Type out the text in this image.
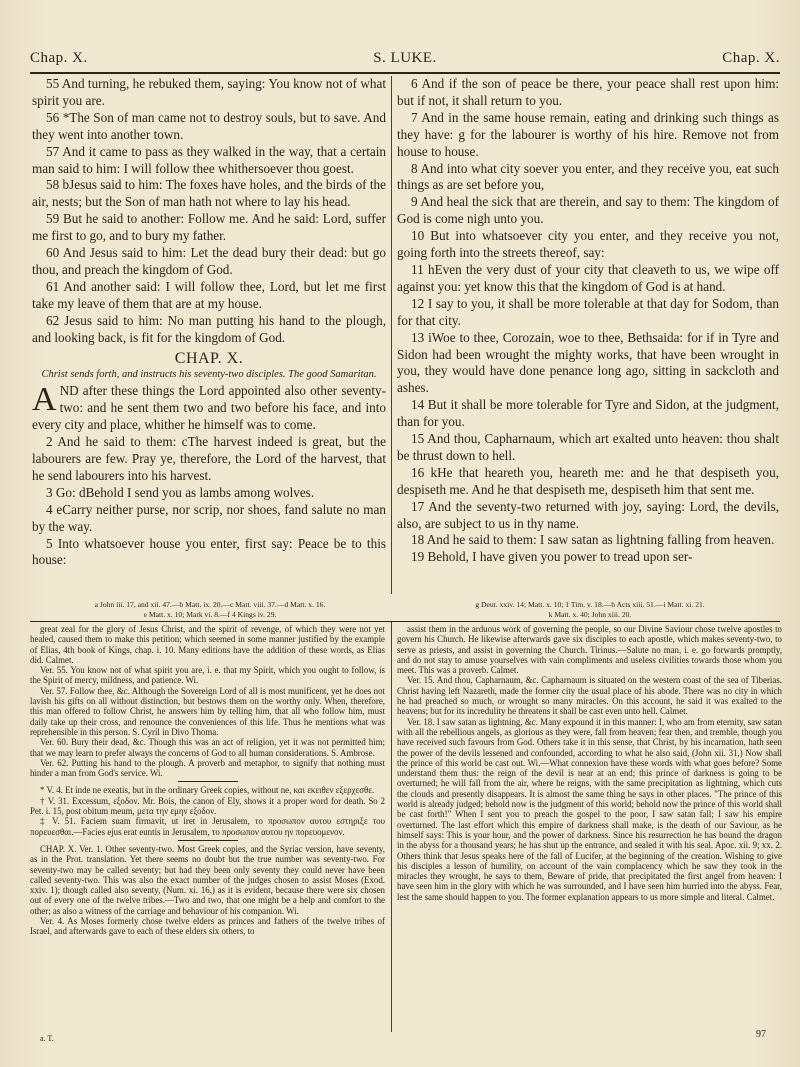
Chap. X.	S. LUKE.	Chap. X.

55 And turning, he rebuked them, saying: You know not of what spirit you are.

56 *The Son of man came not to destroy souls, but to save. And they went into another town.

57 And it came to pass as they walked in the way, that a certain man said to him: I will follow thee whithersoever thou goest.

58 bJesus said to him: The foxes have holes, and the birds of the air, nests; but the Son of man hath not where to lay his head.

59 But he said to another: Follow me. And he said: Lord, suffer me first to go, and to bury my father.

60 And Jesus said to him: Let the dead bury their dead: but go thou, and preach the kingdom of God.

61 And another said: I will follow thee, Lord, but let me first take my leave of them that are at my house.

62 Jesus said to him: No man putting his hand to the plough, and looking back, is fit for the kingdom of God.

CHAP. X.
Christ sends forth, and instructs his seventy-two disciples. The good Samaritan.

AND after these things the Lord appointed also other seventy-two: and he sent them two and two before his face, and into every city and place, whither he himself was to come.

2 And he said to them: cThe harvest indeed is great, but the labourers are few. Pray ye, therefore, the Lord of the harvest, that he send labourers into his harvest.

3 Go: dBehold I send you as lambs among wolves.

4 eCarry neither purse, nor scrip, nor shoes, fand salute no man by the way.

5 Into whatsoever house you enter, first say: Peace be to this house:

6 And if the son of peace be there, your peace shall rest upon him: but if not, it shall return to you.

7 And in the same house remain, eating and drinking such things as they have: g for the labourer is worthy of his hire. Remove not from house to house.

8 And into what city soever you enter, and they receive you, eat such things as are set before you,

9 And heal the sick that are therein, and say to them: The kingdom of God is come nigh unto you.

10 But into whatsoever city you enter, and they receive you not, going forth into the streets thereof, say:

11 hEven the very dust of your city that cleaveth to us, we wipe off against you: yet know this that the kingdom of God is at hand.

12 I say to you, it shall be more tolerable at that day for Sodom, than for that city.

13 iWoe to thee, Corozain, woe to thee, Bethsaida: for if in Tyre and Sidon had been wrought the mighty works, that have been wrought in you, they would have done penance long ago, sitting in sackcloth and ashes.

14 But it shall be more tolerable for Tyre and Sidon, at the judgment, than for you.

15 And thou, Capharnaum, which art exalted unto heaven: thou shalt be thrust down to hell.

16 kHe that heareth you, heareth me: and he that despiseth you, despiseth me. And he that despiseth me, despiseth him that sent me.

17 And the seventy-two returned with joy, saying: Lord, the devils, also, are subject to us in thy name.

18 And he said to them: I saw satan as lightning falling from heaven.

19 Behold, I have given you power to tread upon ser-

a John iii. 17, and xii. 47.—b Matt. ix. 20.—c Matt. viii. 37.—d Matt. x. 16.
e Matt. x. 10; Mark vi. 8.—f 4 Kings iv. 29.
g Deut. xxiv. 14; Matt. x. 10; 1 Tim. v. 18.—h Acts xiii. 51.—i Matt. xi. 21.
k Matt. x. 40; John xiii. 20.

great zeal for the glory of Jesus Christ, and the spirit of revenge, of which they were not yet healed, caused them to make this petition; which seemed in some manner justified by the example of Elias, 4th book of Kings, chap. i. 10. Many editions have the addition of these words, as Elias did. Calmet.

Ver. 55. You know not of what spirit you are, i. e. that my Spirit, which you ought to follow, is the Spirit of mercy, mildness, and patience. Wi.

Ver. 57. Follow thee, &c. Although the Sovereign Lord of all is most munificent, yet he does not lavish his gifts on all without distinction, but bestows them on the worthy only. When, therefore, this man offered to follow Christ, he answers him by telling him, that all who follow him, must daily take up their cross, and renounce the conveniences of this life. Thus he mentions what was reprehensible in this person. S. Cyril in Divo Thoma.

Ver. 60. Bury their dead, &c. Though this was an act of religion, yet it was not permitted him; that we may learn to prefer always the concerns of God to all human considerations. S. Ambrose.

Ver. 62. Putting his hand to the plough. A proverb and metaphor, to signify that nothing must hinder a man from God's service. Wi.

* V. 4. Et inde ne exeatis, but in the ordinary Greek copies, without ne, και εκειθεν εξερχεσθε.

† V. 31. Excessum, εξοδον. Mr. Bois, the canon of Ely, shows it a proper word for death. So 2 Pet. i. 15, post obitum meum, μετα την εμην εξοδον.

‡ V. 51. Faciem suam firmavit, ut iret in Jerusalem, το προσωπον αυτου εστηριξε του πορευεσθαι.—Facies ejus erat euntis in Jerusalem, το προσωπον αυτου ην πορευομενον.

CHAP. X. Ver. 1. Other seventy-two. Most Greek copies, and the Syriac version, have seventy, as in the Prot. translation. Yet there seems no doubt but the true number was seventy-two. For seventy-two may be called seventy; but had they been only seventy they could never have been called seventy-two. This was also the exact number of the judges chosen to assist Moses (Exod. xxiv. 1); though called also seventy, (Num. xi. 16,) as it is evident, because there were six chosen out of every one of the twelve tribes.—Two and two, that one might be a help and comfort to the other; as also a witness of the carriage and behaviour of his companion. Wi.

Ver. 4. As Moses formerly chose twelve elders as princes and fathers of the twelve tribes of Israel, and afterwards gave to each of these elders six others, to

assist them in the arduous work of governing the people, so our Divine Saviour chose twelve apostles to govern his Church. He likewise afterwards gave six disciples to each apostle, which makes seventy-two, to serve as priests, and assist in governing the Church. Tirinus.—Salute no man, i. e. go forwards promptly, and do not stay to amuse yourselves with vain compliments and useless civilities towards those whom you meet. This was a proverb. Calmet.

Ver. 15. And thou, Capharnaum, &c. Capharnaum is situated on the western coast of the sea of Tiberias. Christ having left Nazareth, made the former city the usual place of his abode. There was no city in which he had preached so much, or wrought so many miracles. On this account, he said it was exalted to the heavens; but for its incredulity he threatens it shall be cast even unto hell. Calmet.

Ver. 18. I saw satan as lightning, &c. Many expound it in this manner: I, who am from eternity, saw satan with all the rebellious angels, as glorious as they were, fall from heaven; fear then, and tremble, though you have received such favours from God. Others take it in this sense, that Christ, by his incarnation, hath seen the power of the devils lessened and confounded, according to what he also said, (John xii. 31,) Now shall the prince of this world be cast out. Wi.—What connexion have these words with what goes before? Some understand them thus: the reign of the devil is near at an end; this prince of darkness is going to be overturned; he will fall from the air, where he reigns, with the same precipitation as lightning, which cuts the clouds and presently disappears. It is almost the same thing he says in other places. "The prince of this world is already judged; behold now is the judgment of this world; behold now the prince of this world shall be cast forth!" When I sent you to preach the gospel to the poor, I saw satan fall; I saw his empire overturned. The last effort which this empire of darkness shall make, is the death of our Saviour, as he himself says: This is your hour, and the power of darkness. Since his resurrection he has bound the dragon in the abyss for a thousand years; he has shut up the entrance, and sealed it with his seal. Apoc. xii. 9; xx. 2. Others think that Jesus speaks here of the fall of Lucifer, at the beginning of the creation. Wishing to give his disciples a lesson of humility, on account of the vain complacency which he saw they took in the miracles they wrought, he says to them, Beware of pride, that precipitated the first angel from heaven: I have seen him in the glory with which he was surrounded, and I have seen him hurried into the abyss. Fear, lest the same should happen to you. The former explanation appears to us more simple and literal. Calmet.

a. T.	97
